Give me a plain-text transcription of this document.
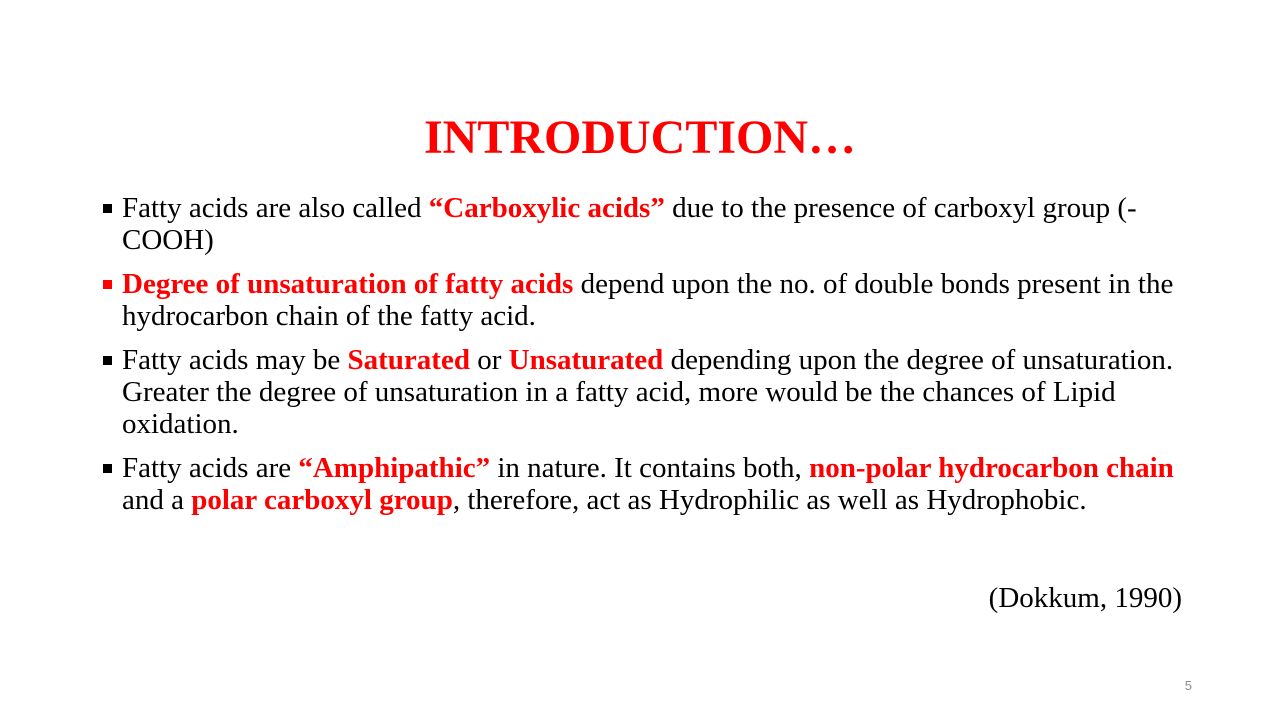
INTRODUCTION…
Fatty acids are also called “Carboxylic acids” due to the presence of carboxyl group (-COOH)
Degree of unsaturation of fatty acids depend upon the no. of double bonds present in the hydrocarbon chain of the fatty acid.
Fatty acids may be Saturated or Unsaturated depending upon the degree of unsaturation. Greater the degree of unsaturation in a fatty acid, more would be the chances of Lipid oxidation.
Fatty acids are “Amphipathic” in nature. It contains both, non-polar hydrocarbon chain and a polar carboxyl group, therefore, act as Hydrophilic as well as Hydrophobic.
(Dokkum, 1990)
5
